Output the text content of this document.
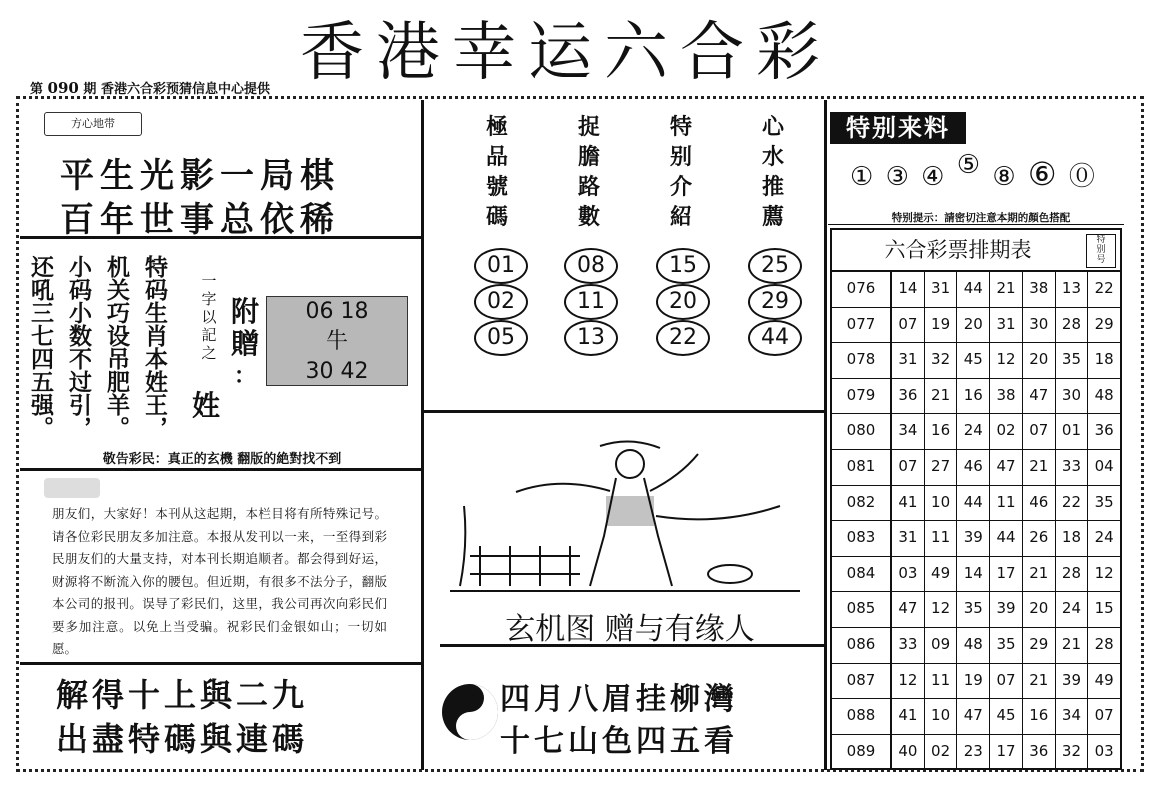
香港幸运六合彩
第 090 期 香港六合彩预猜信息中心提供
方心地带
平生光影一局棋
百年世事总依稀
特码生肖本姓王，
机关巧设吊肥羊。
小码小数不过引，
还吼三七四五强。	一
字
以
記
之
姓
附
贈
：
06 18
牛
30 42
敬告彩民：真正的玄機 翻版的絶對找不到
朋友们，大家好！本刊从这起期，本栏目将有所特殊记号。请各位彩民朋友多加注意。本报从发刊以一来，一至得到彩民朋友们的大量支持，对本刊长期追顺者。都会得到好运，财源将不断流入你的腰包。但近期，有很多不法分子，翻版本公司的报刊。误导了彩民们，这里，我公司再次向彩民们要多加注意。以免上当受骗。祝彩民们金银如山；一切如愿。
解得十上與二九
出盡特碼與連碼
極
品
號
碼
捉
膽
路
數
特
别
介
紹
心
水
推
薦
01
02
05
08
11
13
15
20
22
25
29
44
玄机图 赠与有缘人
四月八眉挂柳灣
十七山色四五看
特别来料
① ③ ④ ⑤ ⑧ ⑥ ⓪
特别提示：請密切注意本期的顏色搭配
六合彩票排期表	特
别
号
076	14 31 44 21 38 13 22
077	07 19 20 31 30 28 29
078	31 32 45 12 20 35 18
079	36 21 16 38 47 30 48
080	34 16 24 02 07 01 36
081	07 27 46 47 21 33 04
082	41 10 44 11 46 22 35
083	31 11 39 44 26 18 24
084	03 49 14 17 21 28 12
085	47 12 35 39 20 24 15
086	33 09 48 35 29 21 28
087	12 11 19 07 21 39 49
088	41 10 47 45 16 34 07
089	40 02 23 17 36 32 03
